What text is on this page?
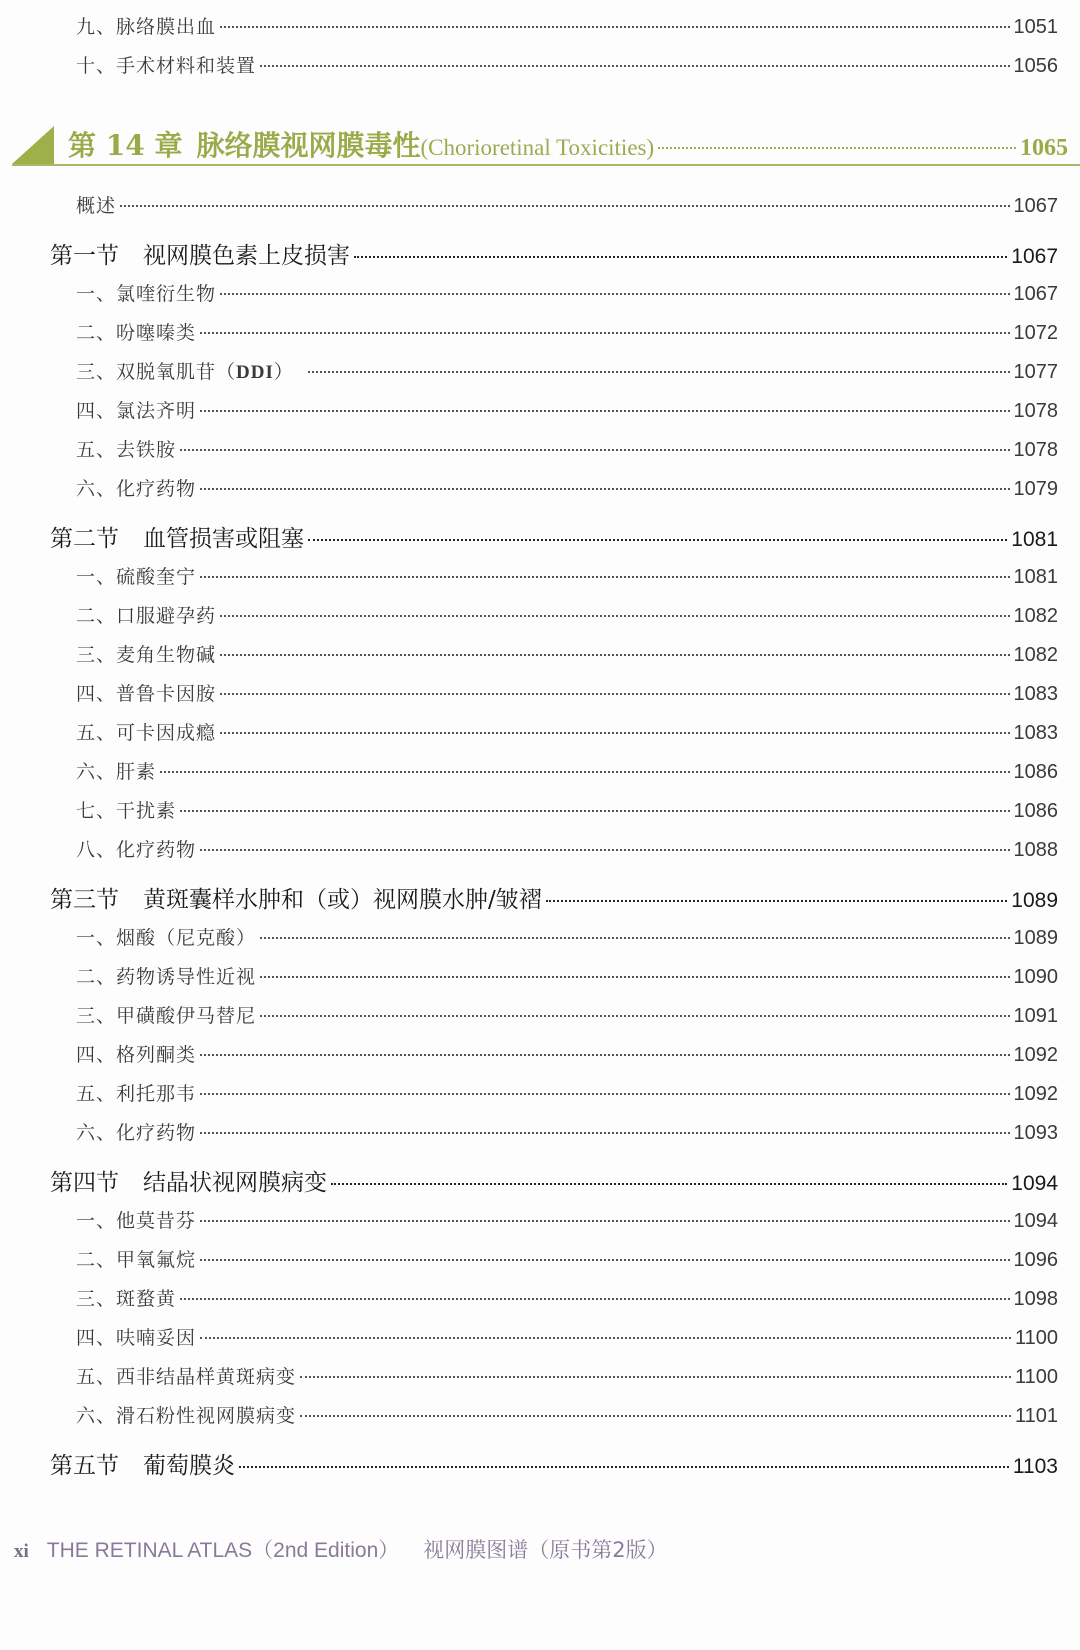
九、脉络膜出血	1051
十、手术材料和装置	1056
第 14 章 脉络膜视网膜毒性 (Chorioretinal Toxicities)	1065
概述	1067
第一节 视网膜色素上皮损害	1067
一、氯喹衍生物	1067
二、吩噻嗪类	1072
三、双脱氧肌苷（DDI）	1077
四、氯法齐明	1078
五、去铁胺	1078
六、化疗药物	1079
第二节 血管损害或阻塞	1081
一、硫酸奎宁	1081
二、口服避孕药	1082
三、麦角生物碱	1082
四、普鲁卡因胺	1083
五、可卡因成瘾	1083
六、肝素	1086
七、干扰素	1086
八、化疗药物	1088
第三节 黄斑囊样水肿和（或）视网膜水肿/皱褶	1089
一、烟酸（尼克酸）	1089
二、药物诱导性近视	1090
三、甲磺酸伊马替尼	1091
四、格列酮类	1092
五、利托那韦	1092
六、化疗药物	1093
第四节 结晶状视网膜病变	1094
一、他莫昔芬	1094
二、甲氧氟烷	1096
三、斑蝥黄	1098
四、呋喃妥因	1100
五、西非结晶样黄斑病变	1100
六、滑石粉性视网膜病变	1101
第五节 葡萄膜炎	1103
xi THE RETINAL ATLAS（2nd Edition） 视网膜图谱（原书第2版）
